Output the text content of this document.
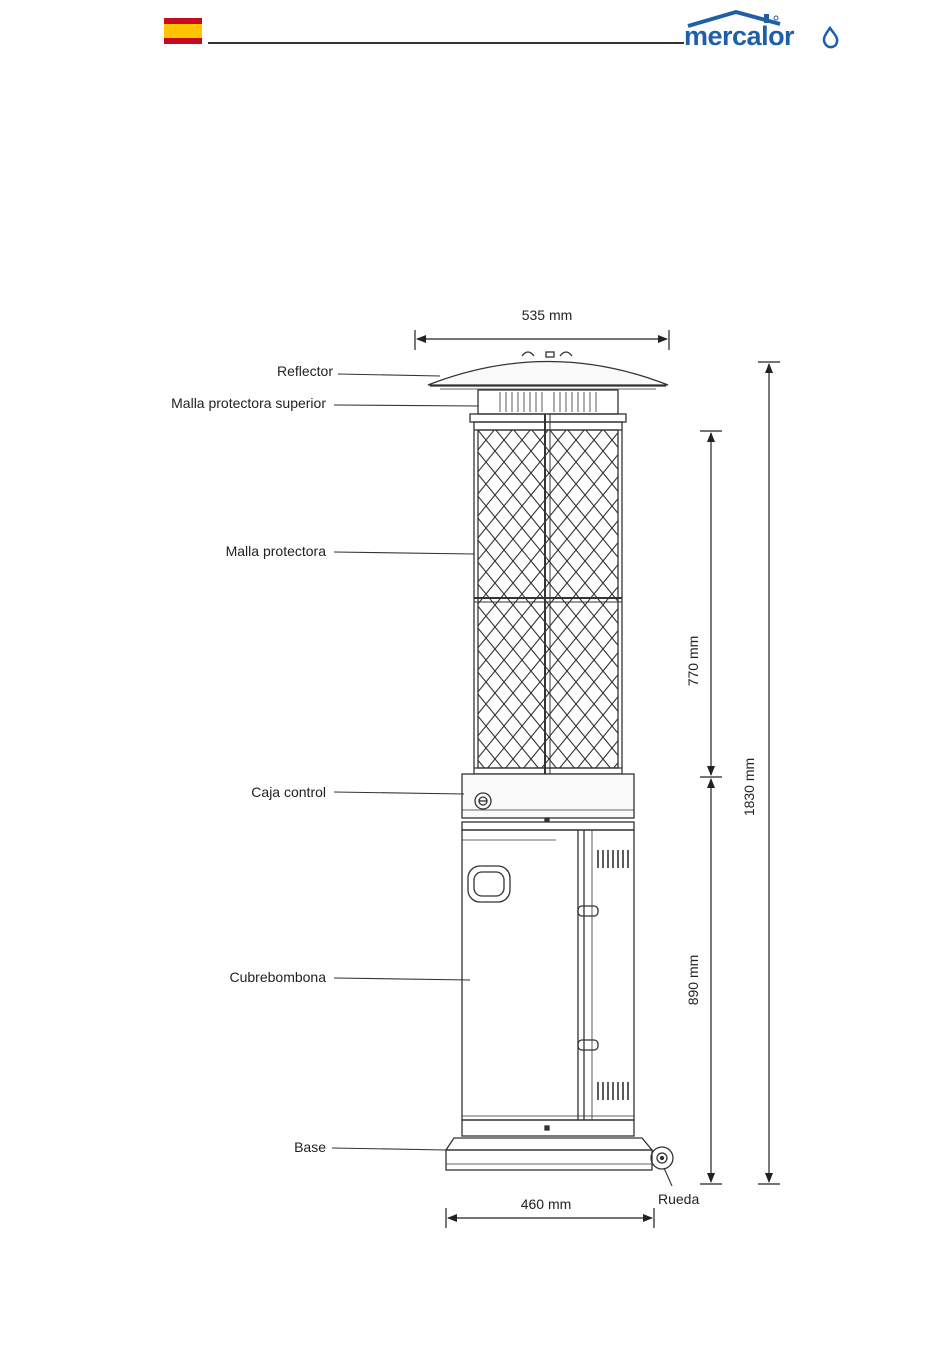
mercalor
Reflector
Malla protectora superior
Malla protectora
Caja control
Cubrebombona
Base
Rueda
535 mm
460 mm
770 mm
890 mm
1830 mm
